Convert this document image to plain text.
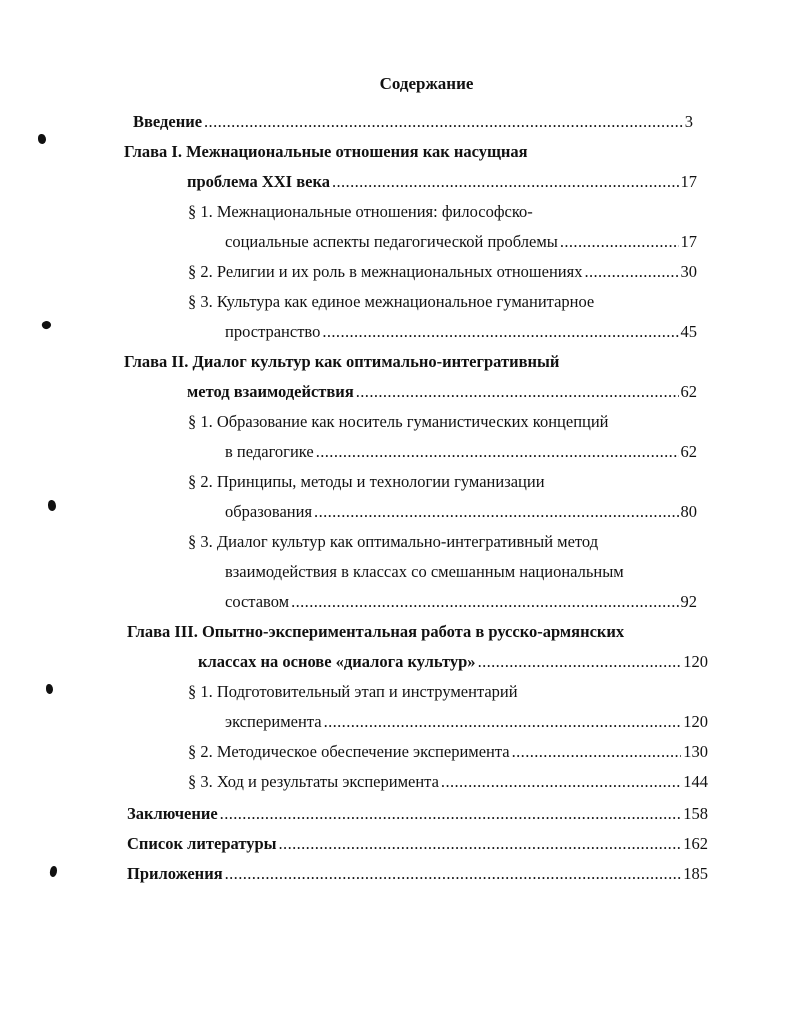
Содержание
Введение .....	3
Глава I. Межнациональные отношения как насущная
проблема XXI века .....	17
§ 1. Межнациональные отношения: философско-
социальные аспекты педагогической проблемы .....	17
§ 2. Религии и их роль в межнациональных отношениях .....	30
§ 3. Культура как единое межнациональное гуманитарное
пространство .....	45
Глава II. Диалог культур как оптимально-интегративный
метод взаимодействия .....	62
§ 1. Образование как носитель гуманистических концепций
в педагогике .....	62
§ 2. Принципы, методы и технологии гуманизации
образования .....	80
§ 3. Диалог культур как оптимально-интегративный метод
взаимодействия в классах со смешанным национальным
составом .....	92
Глава III. Опытно-экспериментальная работа в русско-армянских
классах на основе «диалога культур» .....	120
§ 1. Подготовительный этап и инструментарий
эксперимента .....	120
§ 2. Методическое обеспечение эксперимента .....	130
§ 3. Ход и результаты эксперимента .....	144
Заключение .....	158
Список литературы .....	162
Приложения .....	185
